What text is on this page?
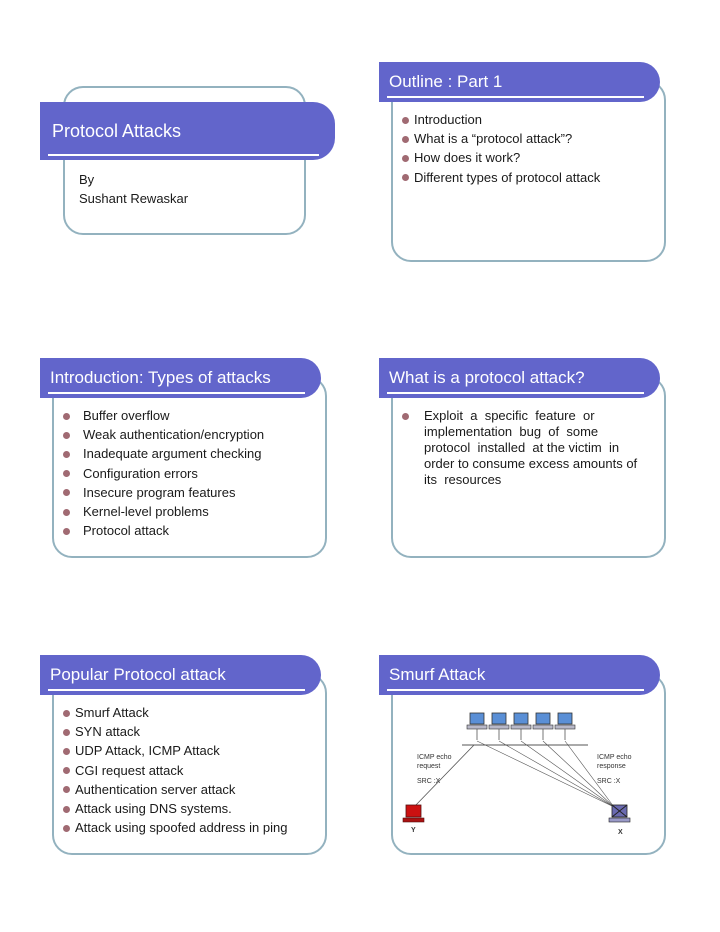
Protocol Attacks
By
Sushant Rewaskar
Outline : Part 1
Introduction
What is a “protocol attack”?
How does it work?
Different types of protocol attack
Introduction: Types of attacks
Buffer overflow
Weak authentication/encryption
Inadequate argument checking
Configuration errors
Insecure program features
Kernel-level problems
Protocol attack
What is a protocol attack?
Exploit  a  specific  feature  or
implementation  bug  of  some
protocol  installed  at the victim  in
order to consume excess amounts of
its  resources
Popular Protocol attack
Smurf Attack
SYN attack
UDP Attack, ICMP Attack
CGI request attack
Authentication server attack
Attack using DNS systems.
Attack using spoofed address in ping
Smurf Attack
ICMP echo
request
SRC :X
ICMP echo
response
SRC :X
Y	X
